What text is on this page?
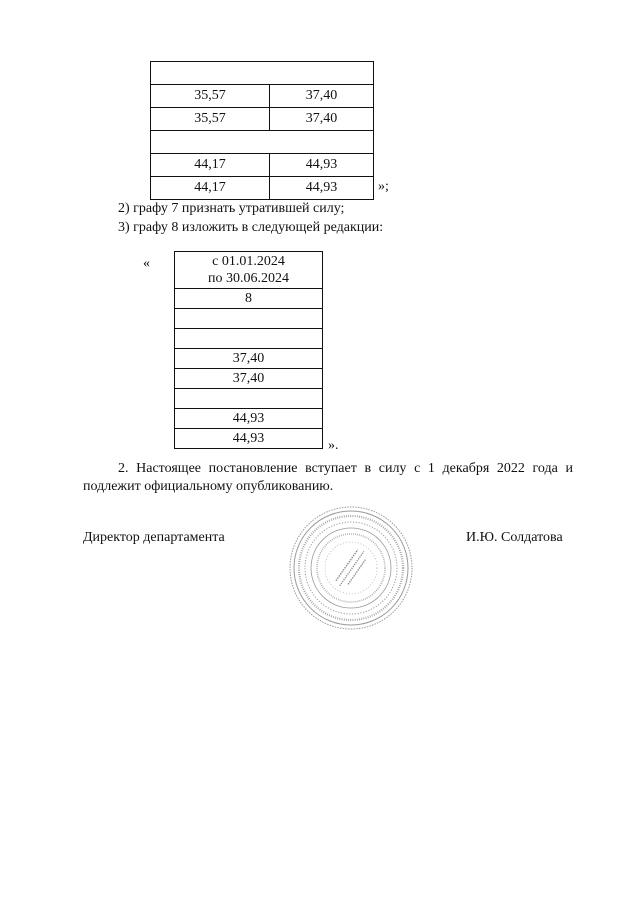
35,57	37,40
35,57	37,40

44,17	44,93
44,17	44,93	»;
2) графу 7 признать утратившей силу;
3) графу 8 изложить в следующей редакции:
«	с 01.01.2024
по 30.06.2024
8

37,40
37,40

44,93
44,93	».
2. Настоящее постановление вступает в силу с 1 декабря 2022 года и подлежит официальному опубликованию.
Директор департамента	И.Ю. Солдатова
